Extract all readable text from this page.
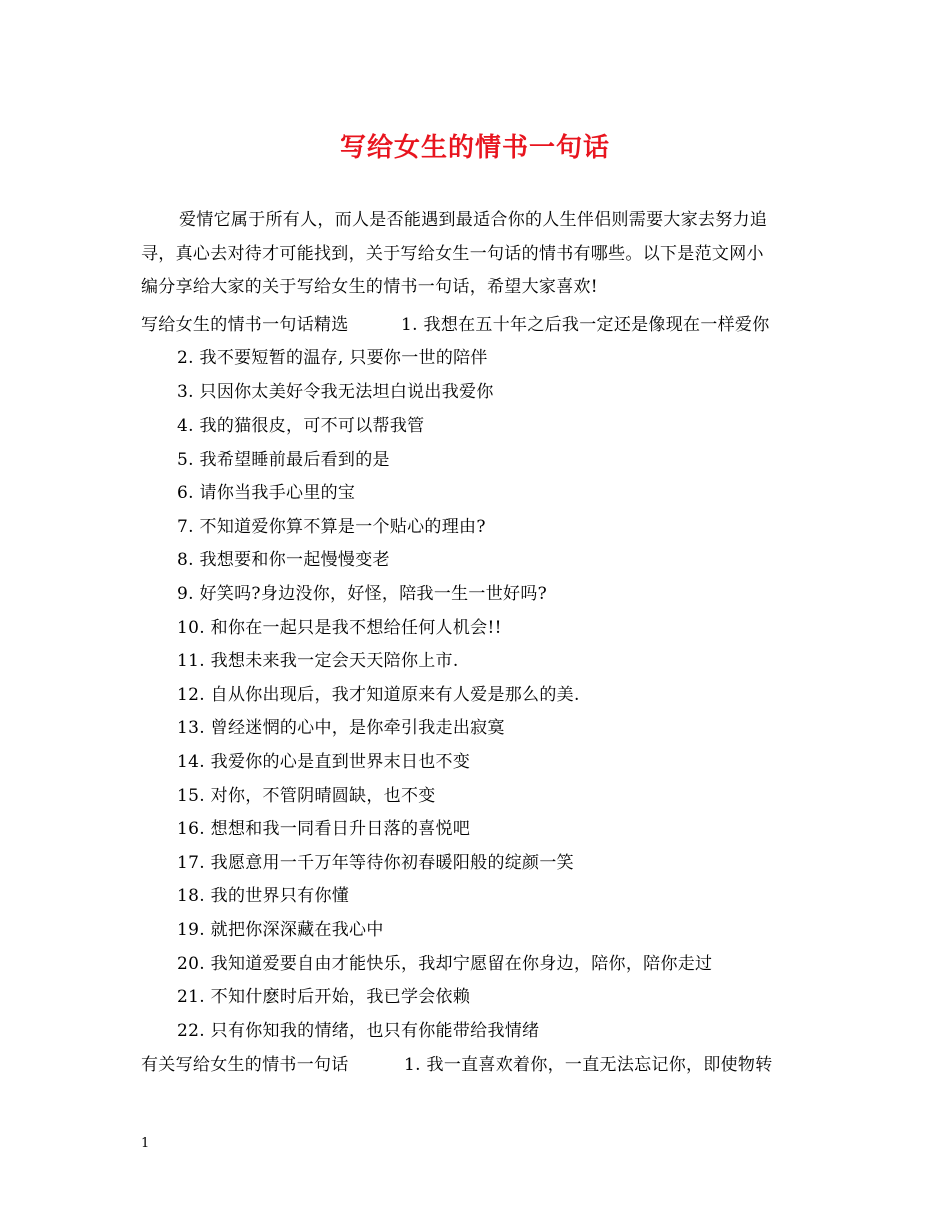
写给女生的情书一句话
爱情它属于所有人，而人是否能遇到最适合你的人生伴侣则需要大家去努力追
寻，真心去对待才可能找到，关于写给女生一句话的情书有哪些。以下是范文网小
编分享给大家的关于写给女生的情书一句话，希望大家喜欢!
写给女生的情书一句话精选	1. 我想在五十年之后我一定还是像现在一样爱你
2. 我不要短暂的温存, 只要你一世的陪伴
3. 只因你太美好令我无法坦白说出我爱你
4. 我的猫很皮，可不可以帮我管
5. 我希望睡前最后看到的是
6. 请你当我手心里的宝
7. 不知道爱你算不算是一个贴心的理由?
8. 我想要和你一起慢慢变老
9. 好笑吗?身边没你，好怪，陪我一生一世好吗?
10. 和你在一起只是我不想给任何人机会!!
11. 我想未来我一定会天天陪你上市.
12. 自从你出现后，我才知道原来有人爱是那么的美.
13. 曾经迷惘的心中，是你牵引我走出寂寞
14. 我爱你的心是直到世界末日也不变
15. 对你，不管阴晴圆缺，也不变
16. 想想和我一同看日升日落的喜悦吧
17. 我愿意用一千万年等待你初春暖阳般的绽颜一笑
18. 我的世界只有你懂
19. 就把你深深藏在我心中
20. 我知道爱要自由才能快乐，我却宁愿留在你身边，陪你，陪你走过
21. 不知什麽时后开始，我已学会依赖
22. 只有你知我的情绪，也只有你能带给我情绪
有关写给女生的情书一句话	1. 我一直喜欢着你，一直无法忘记你，即使物转
1
